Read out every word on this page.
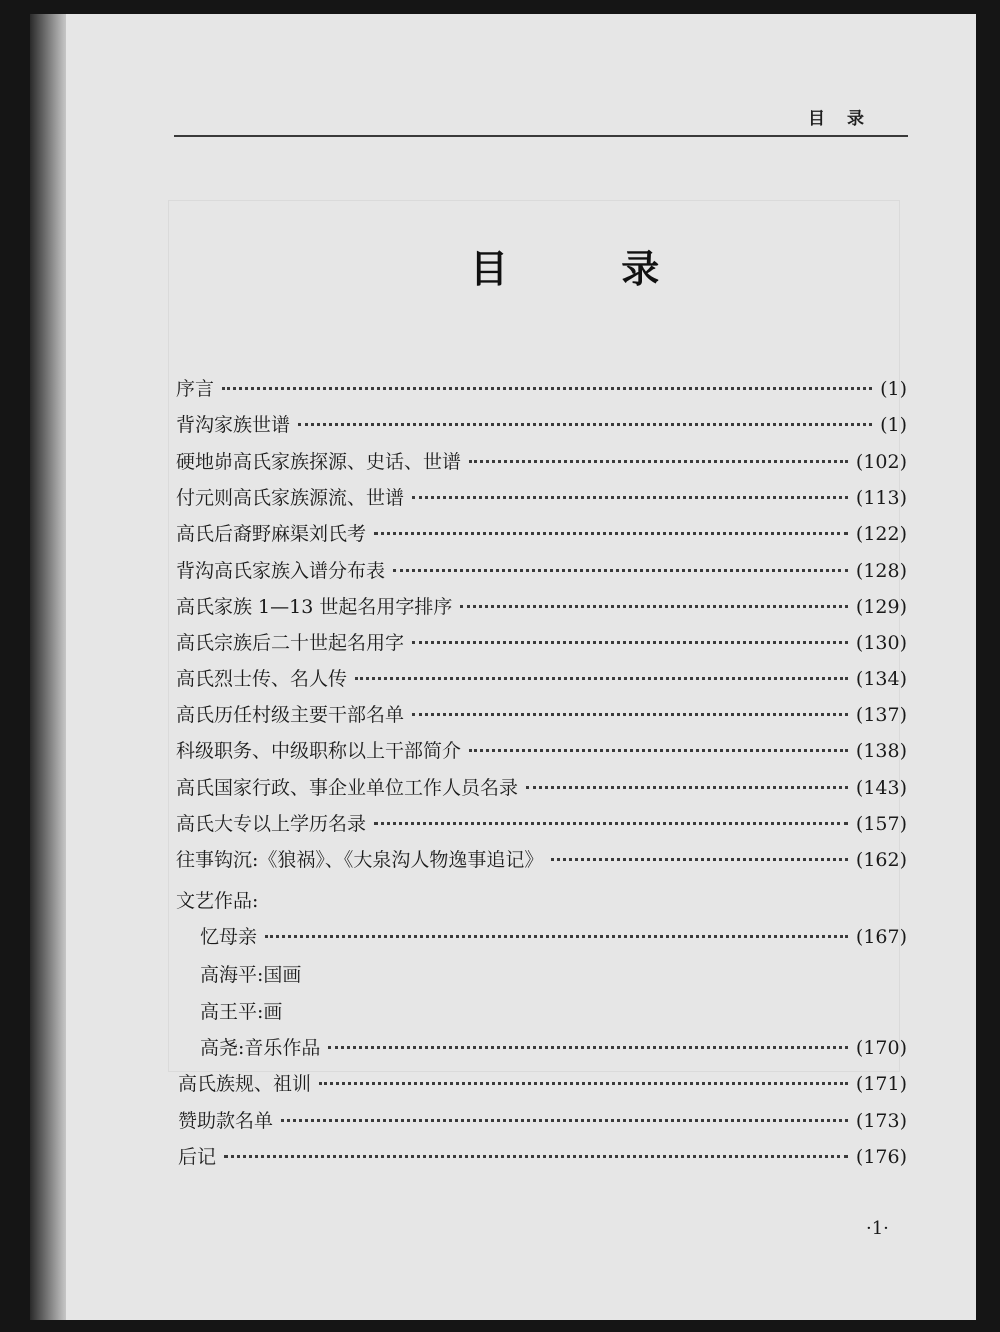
目录
目 录
序言	(1)
背沟家族世谱	(1)
硬地峁高氏家族探源、史话、世谱	(102)
付元则高氏家族源流、世谱	(113)
高氏后裔野麻渠刘氏考	(122)
背沟高氏家族入谱分布表	(128)
高氏家族 1—13 世起名用字排序	(129)
高氏宗族后二十世起名用字	(130)
高氏烈士传、名人传	(134)
高氏历任村级主要干部名单	(137)
科级职务、中级职称以上干部简介	(138)
高氏国家行政、事企业单位工作人员名录	(143)
高氏大专以上学历名录	(157)
往事钩沉:《狼祸》、《大泉沟人物逸事追记》	(162)
文艺作品:
忆母亲	(167)
高海平:国画
高王平:画
高尧:音乐作品	(170)
高氏族规、祖训	(171)
赞助款名单	(173)
后记	(176)
·1·
